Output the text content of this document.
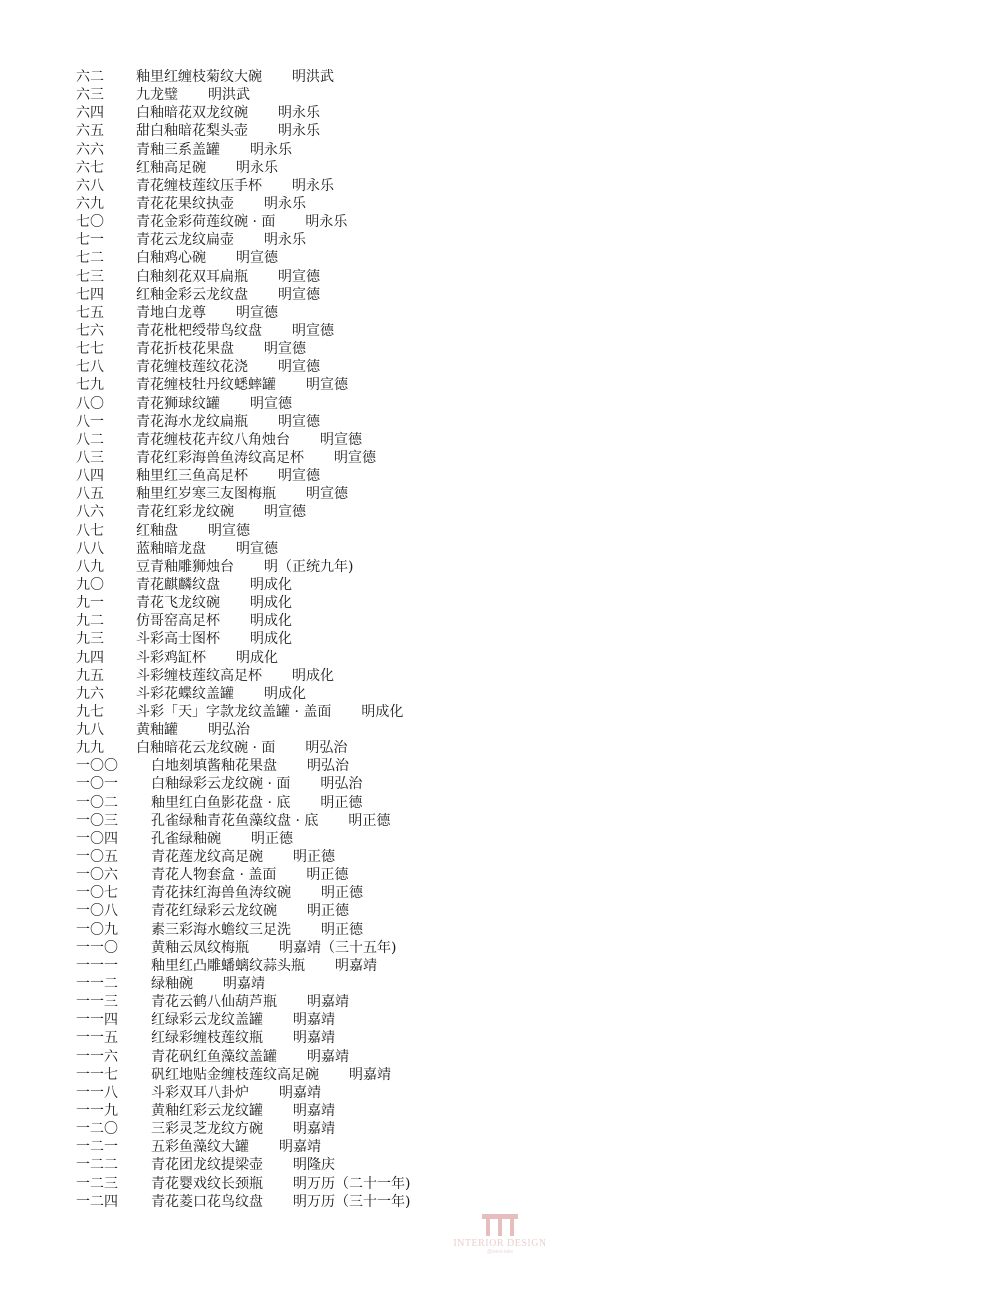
六二 釉里红缠枝菊纹大碗 明洪武
六三 九龙璧 明洪武
六四 白釉暗花双龙纹碗 明永乐
六五 甜白釉暗花梨头壶 明永乐
六六 青釉三系盖罐 明永乐
六七 红釉高足碗 明永乐
六八 青花缠枝莲纹压手杯 明永乐
六九 青花花果纹执壶 明永乐
七〇 青花金彩荷莲纹碗 · 面 明永乐
七一 青花云龙纹扁壶 明永乐
七二 白釉鸡心碗 明宣德
七三 白釉刻花双耳扁瓶 明宣德
七四 红釉金彩云龙纹盘 明宣德
七五 青地白龙尊 明宣德
七六 青花枇杷绶带鸟纹盘 明宣德
七七 青花折枝花果盘 明宣德
七八 青花缠枝莲纹花浇 明宣德
七九 青花缠枝牡丹纹蟋蟀罐 明宣德
八〇 青花狮球纹罐 明宣德
八一 青花海水龙纹扁瓶 明宣德
八二 青花缠枝花卉纹八角烛台 明宣德
八三 青花红彩海兽鱼涛纹高足杯 明宣德
八四 釉里红三鱼高足杯 明宣德
八五 釉里红岁寒三友图梅瓶 明宣德
八六 青花红彩龙纹碗 明宣德
八七 红釉盘 明宣德
八八 蓝釉暗龙盘 明宣德
八九 豆青釉雕狮烛台 明（正统九年)
九〇 青花麒麟纹盘 明成化
九一 青花飞龙纹碗 明成化
九二 仿哥窑高足杯 明成化
九三 斗彩高士图杯 明成化
九四 斗彩鸡缸杯 明成化
九五 斗彩缠枝莲纹高足杯 明成化
九六 斗彩花蝶纹盖罐 明成化
九七 斗彩「天」字款龙纹盖罐 · 盖面 明成化
九八 黄釉罐 明弘治
九九 白釉暗花云龙纹碗 · 面 明弘治
一〇〇 白地刻填酱釉花果盘 明弘治
一〇一 白釉绿彩云龙纹碗 · 面 明弘治
一〇二 釉里红白鱼影花盘 · 底 明正德
一〇三 孔雀绿釉青花鱼藻纹盘 · 底 明正德
一〇四 孔雀绿釉碗 明正德
一〇五 青花莲龙纹高足碗 明正德
一〇六 青花人物套盒 · 盖面 明正德
一〇七 青花抹红海兽鱼涛纹碗 明正德
一〇八 青花红绿彩云龙纹碗 明正德
一〇九 素三彩海水蟾纹三足洗 明正德
一一〇 黄釉云凤纹梅瓶 明嘉靖（三十五年)
一一一 釉里红凸雕蟠螭纹蒜头瓶 明嘉靖
一一二 绿釉碗 明嘉靖
一一三 青花云鹤八仙葫芦瓶 明嘉靖
一一四 红绿彩云龙纹盖罐 明嘉靖
一一五 红绿彩缠枝莲纹瓶 明嘉靖
一一六 青花矾红鱼藻纹盖罐 明嘉靖
一一七 矾红地贴金缠枝莲纹高足碗 明嘉靖
一一八 斗彩双耳八卦炉 明嘉靖
一一九 黄釉红彩云龙纹罐 明嘉靖
一二〇 三彩灵芝龙纹方碗 明嘉靖
一二一 五彩鱼藻纹大罐 明嘉靖
一二二 青花团龙纹提梁壶 明隆庆
一二三 青花婴戏纹长颈瓶 明万历（二十一年)
一二四 青花菱口花鸟纹盘 明万历（三十一年)
INTERIOR DESIGN
@west-lake
